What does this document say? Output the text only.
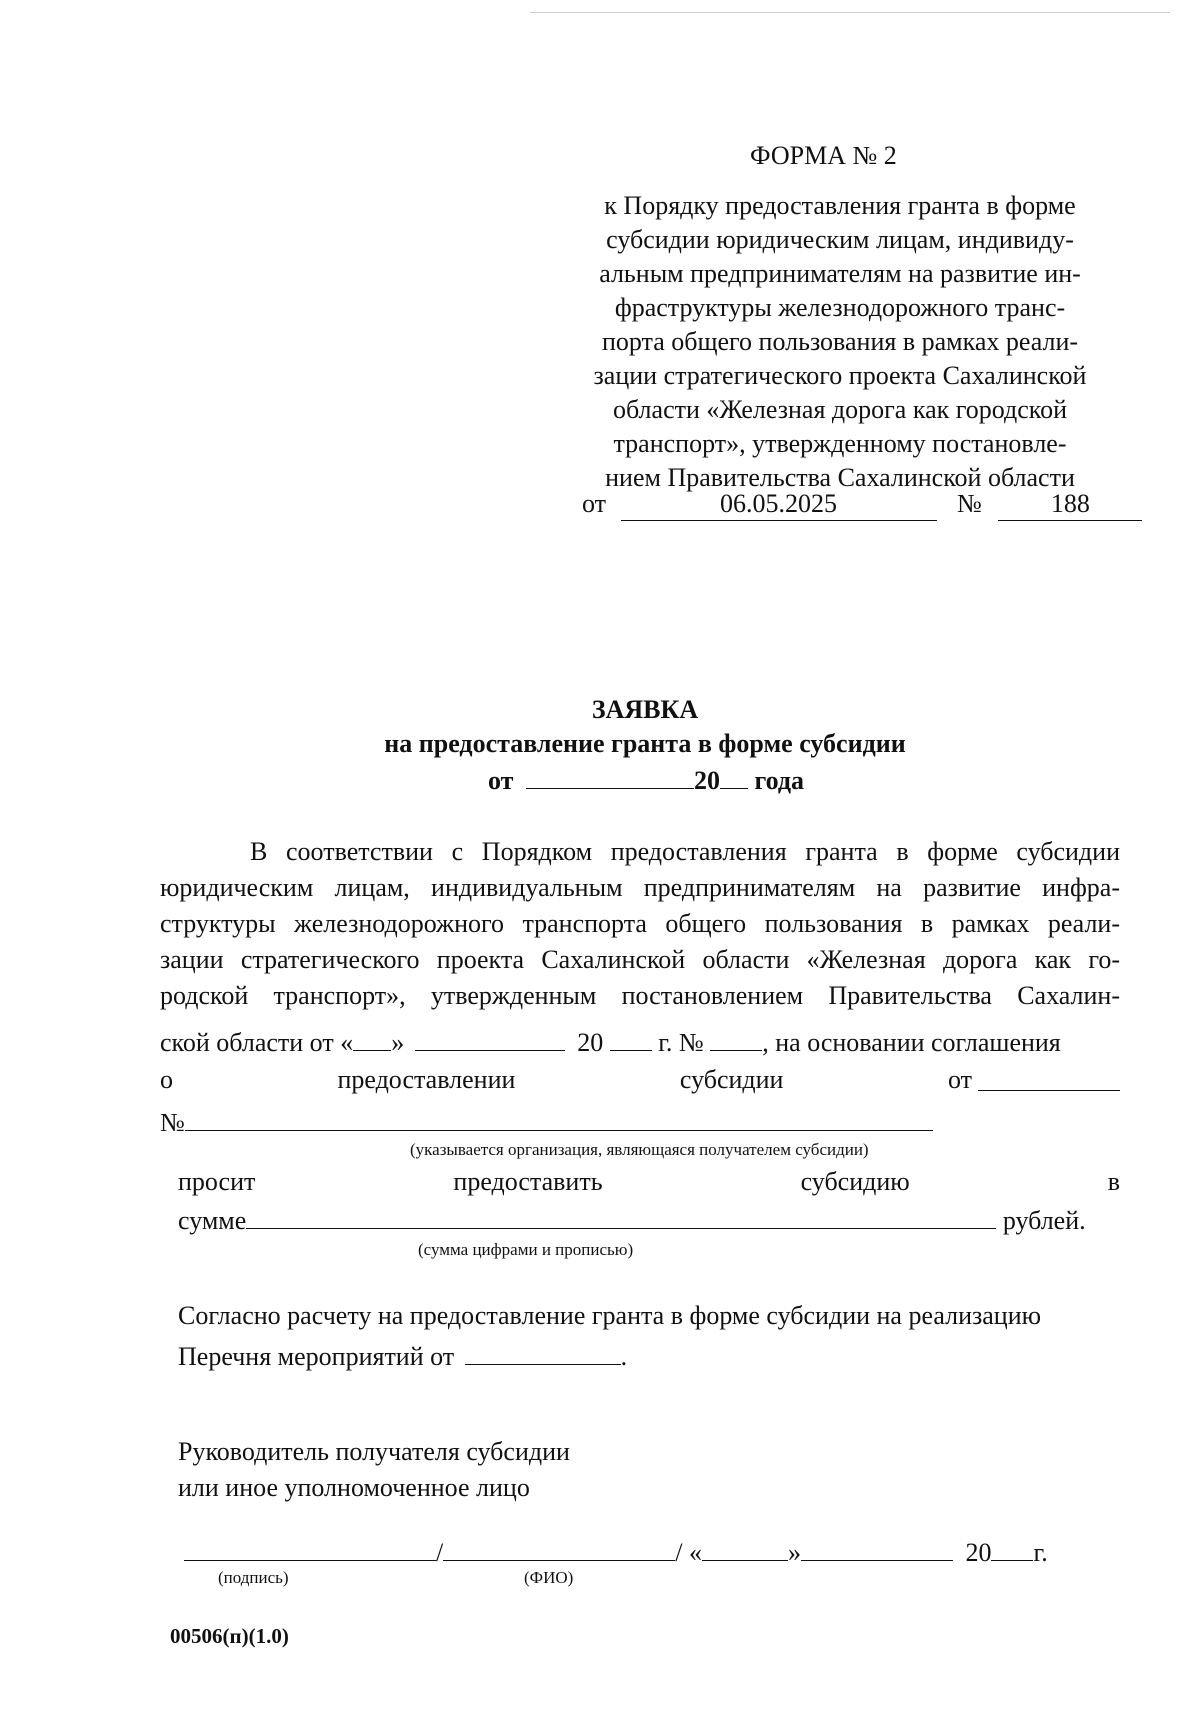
ФОРМА № 2
к Порядку предоставления гранта в форме
субсидии юридическим лицам, индивиду-
альным предпринимателям на развитие ин-
фраструктуры железнодорожного транс-
порта общего пользования в рамках реали-
зации стратегического проекта Сахалинской
области «Железная дорога как городской
транспорт», утвержденному постановле-
нием Правительства Сахалинской области
от	06.05.2025	№	188
ЗАЯВКА
на предоставление гранта в форме субсидии
от	20 года
В соответствии с Порядком предоставления гранта в форме субсидии
юридическим лицам, индивидуальным предпринимателям на развитие инфра-
структуры железнодорожного транспорта общего пользования в рамках реали-
зации стратегического проекта Сахалинской области «Железная дорога как го-
родской транспорт», утвержденным постановлением Правительства Сахалин-
ской области от « »	20 г. № , на основании соглашения
о	предоставлении	субсидии	от
№
(указывается организация, являющаяся получателем субсидии)
просит	предоставить	субсидию	в
сумме	рублей.
(сумма цифрами и прописью)
Согласно расчету на предоставление гранта в форме субсидии на реализацию
Перечня мероприятий от	.
Руководитель получателя субсидии
или иное уполномоченное лицо
/	/ «	»	20 г.
(подпись)	(ФИО)
00506(п)(1.0)
